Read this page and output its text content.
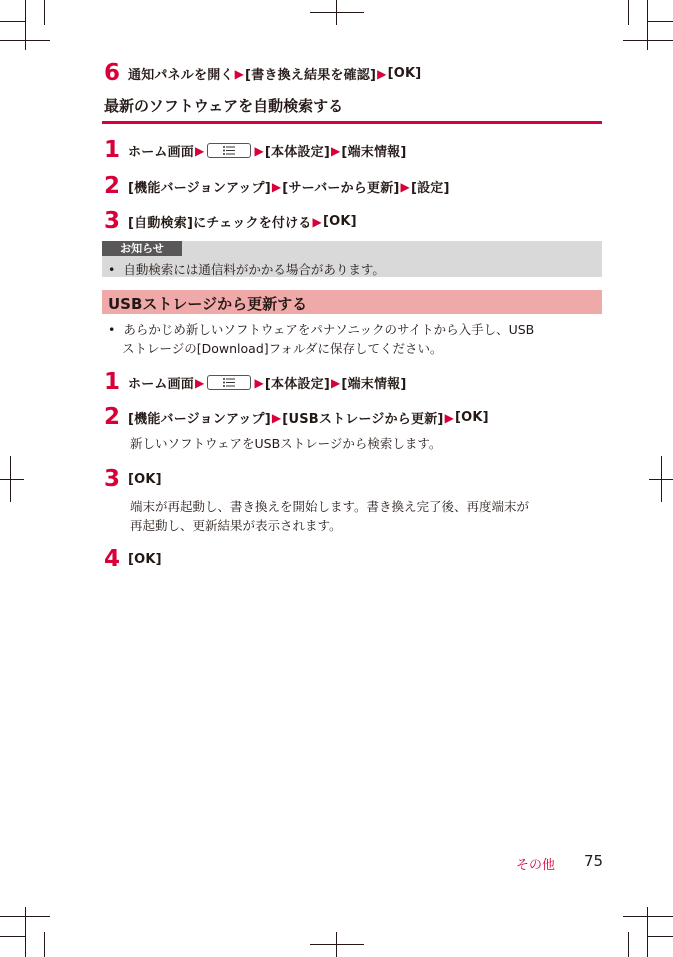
6 通知パネルを開く ▶ [書き換え結果を確認] ▶ [OK]
最新のソフトウェアを自動検索する
1 ホーム画面 ▶	▶ [本体設定] ▶ [端末情報]
2 [機能バージョンアップ] ▶ [サーバーから更新] ▶ [設定]
3 [自動検索]にチェックを付ける ▶ [OK]
お知らせ
•  自動検索には通信料がかかる場合があります。
USBストレージから更新する
•  あらかじめ新しいソフトウェアをパナソニックのサイトから入手し、USB
ストレージの[Download]フォルダに保存してください。
1 ホーム画面 ▶	▶ [本体設定] ▶ [端末情報]
2 [機能バージョンアップ] ▶ [USBストレージから更新] ▶ [OK]
新しいソフトウェアをUSBストレージから検索します。
3 [OK]
端末が再起動し、書き換えを開始します。書き換え完了後、再度端末が
再起動し、更新結果が表示されます。
4 [OK]
その他 75
